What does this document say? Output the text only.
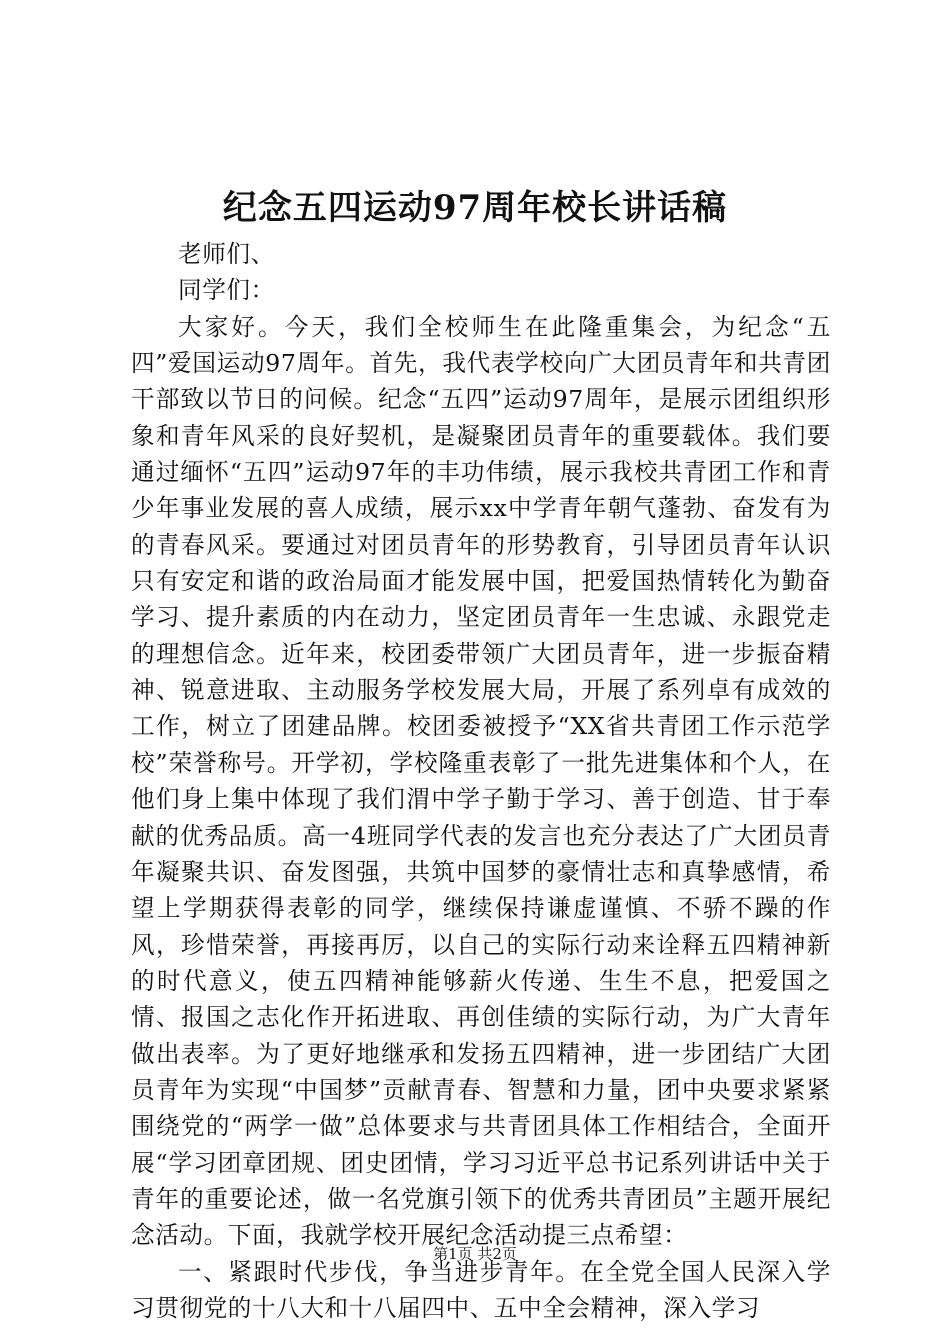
纪念五四运动97周年校长讲话稿

老师们、

同学们：

大家好。今天，我们全校师生在此隆重集会，为纪念“五四”爱国运动97周年。首先，我代表学校向广大团员青年和共青团干部致以节日的问候。纪念“五四”运动97周年，是展示团组织形象和青年风采的良好契机，是凝聚团员青年的重要载体。我们要通过缅怀“五四”运动97年的丰功伟绩，展示我校共青团工作和青少年事业发展的喜人成绩，展示xx中学青年朝气蓬勃、奋发有为的青春风采。要通过对团员青年的形势教育，引导团员青年认识只有安定和谐的政治局面才能发展中国，把爱国热情转化为勤奋学习、提升素质的内在动力，坚定团员青年一生忠诚、永跟党走的理想信念。近年来，校团委带领广大团员青年，进一步振奋精神、锐意进取、主动服务学校发展大局，开展了系列卓有成效的工作，树立了团建品牌。校团委被授予“XX省共青团工作示范学校”荣誉称号。开学初，学校隆重表彰了一批先进集体和个人，在他们身上集中体现了我们渭中学子勤于学习、善于创造、甘于奉献的优秀品质。高一4班同学代表的发言也充分表达了广大团员青年凝聚共识、奋发图强，共筑中国梦的豪情壮志和真挚感情，希望上学期获得表彰的同学，继续保持谦虚谨慎、不骄不躁的作风，珍惜荣誉，再接再厉，以自己的实际行动来诠释五四精神新的时代意义，使五四精神能够薪火传递、生生不息，把爱国之情、报国之志化作开拓进取、再创佳绩的实际行动，为广大青年做出表率。为了更好地继承和发扬五四精神，进一步团结广大团员青年为实现“中国梦”贡献青春、智慧和力量，团中央要求紧紧围绕党的“两学一做”总体要求与共青团具体工作相结合，全面开展“学习团章团规、团史团情，学习习近平总书记系列讲话中关于青年的重要论述，做一名党旗引领下的优秀共青团员”主题开展纪念活动。下面，我就学校开展纪念活动提三点希望：

一、紧跟时代步伐，争当进步青年。在全党全国人民深入学习贯彻党的十八大和十八届四中、五中全会精神，深入学习

第1页 共2页
